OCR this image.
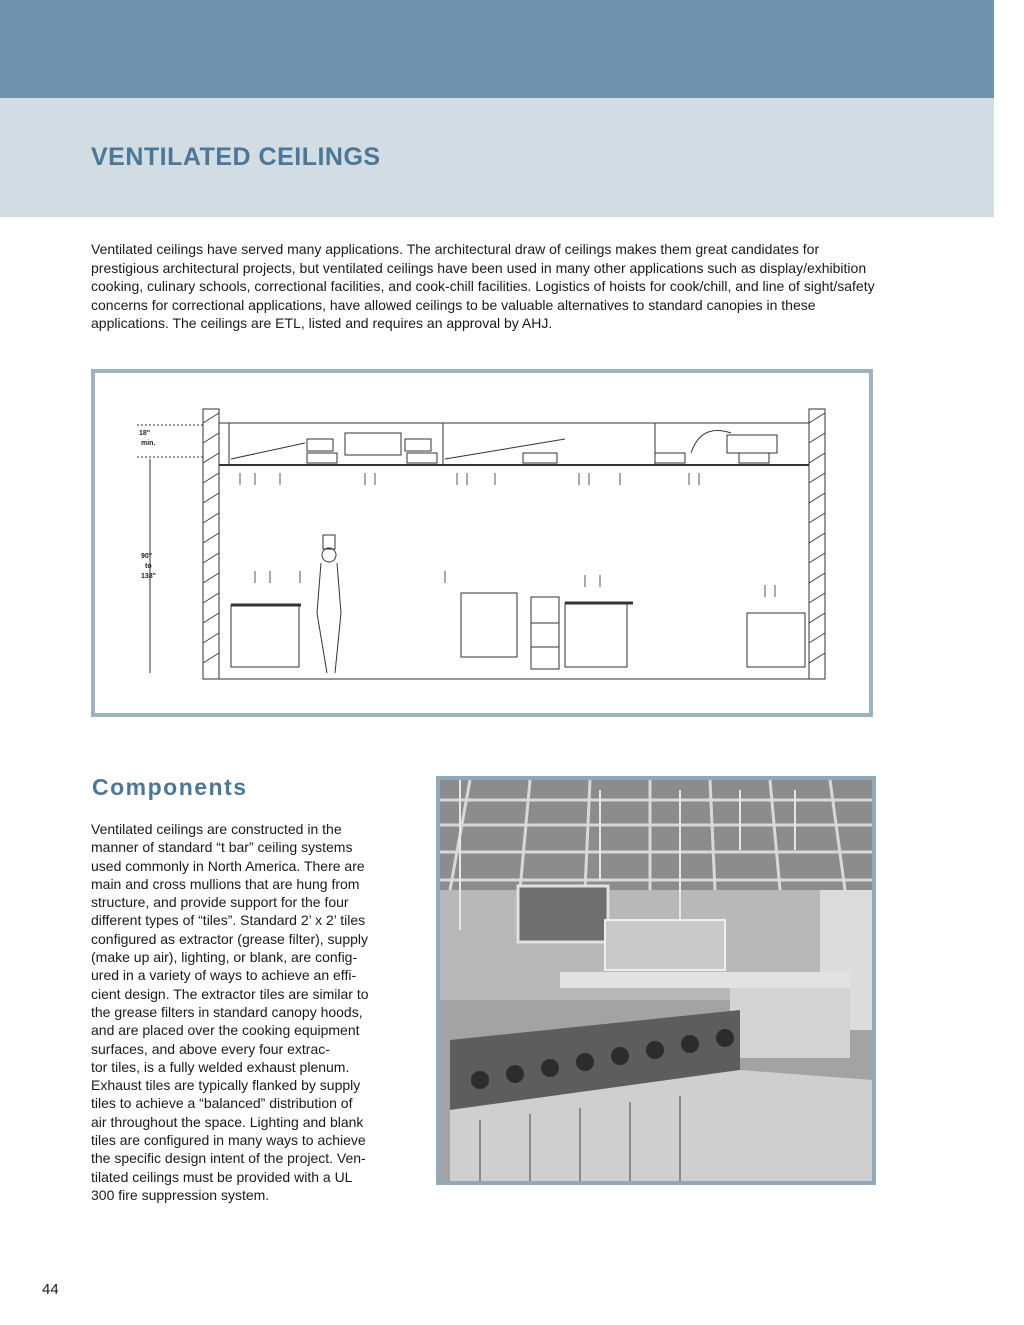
VENTILATED CEILINGS

Ventilated ceilings have served many applications. The architectural draw of ceilings makes them great candidates for prestigious architectural projects, but ventilated ceilings have been used in many other applications such as display/exhibition cooking, culinary schools, correctional facilities, and cook-chill facilities. Logistics of hoists for cook/chill, and line of sight/safety concerns for correctional applications, have allowed ceilings to be valuable alternatives to standard canopies in these applications. The ceilings are ETL, listed and requires an approval by AHJ.

18"
min.
90"
to
138"
Components

Ventilated ceilings are constructed in the
manner of standard “t bar” ceiling systems
used commonly in North America. There are
main and cross mullions that are hung from
structure, and provide support for the four
different types of “tiles”. Standard 2’ x 2’ tiles
configured as extractor (grease filter), supply
(make up air), lighting, or blank, are config-
ured in a variety of ways to achieve an effi-
cient design. The extractor tiles are similar to
the grease filters in standard canopy hoods,
and are placed over the cooking equipment
surfaces, and above every four extrac-
tor tiles, is a fully welded exhaust plenum.
Exhaust tiles are typically flanked by supply
tiles to achieve a “balanced” distribution of
air throughout the space. Lighting and blank
tiles are configured in many ways to achieve
the specific design intent of the project. Ven-
tilated ceilings must be provided with a UL
300 fire suppression system.

44
